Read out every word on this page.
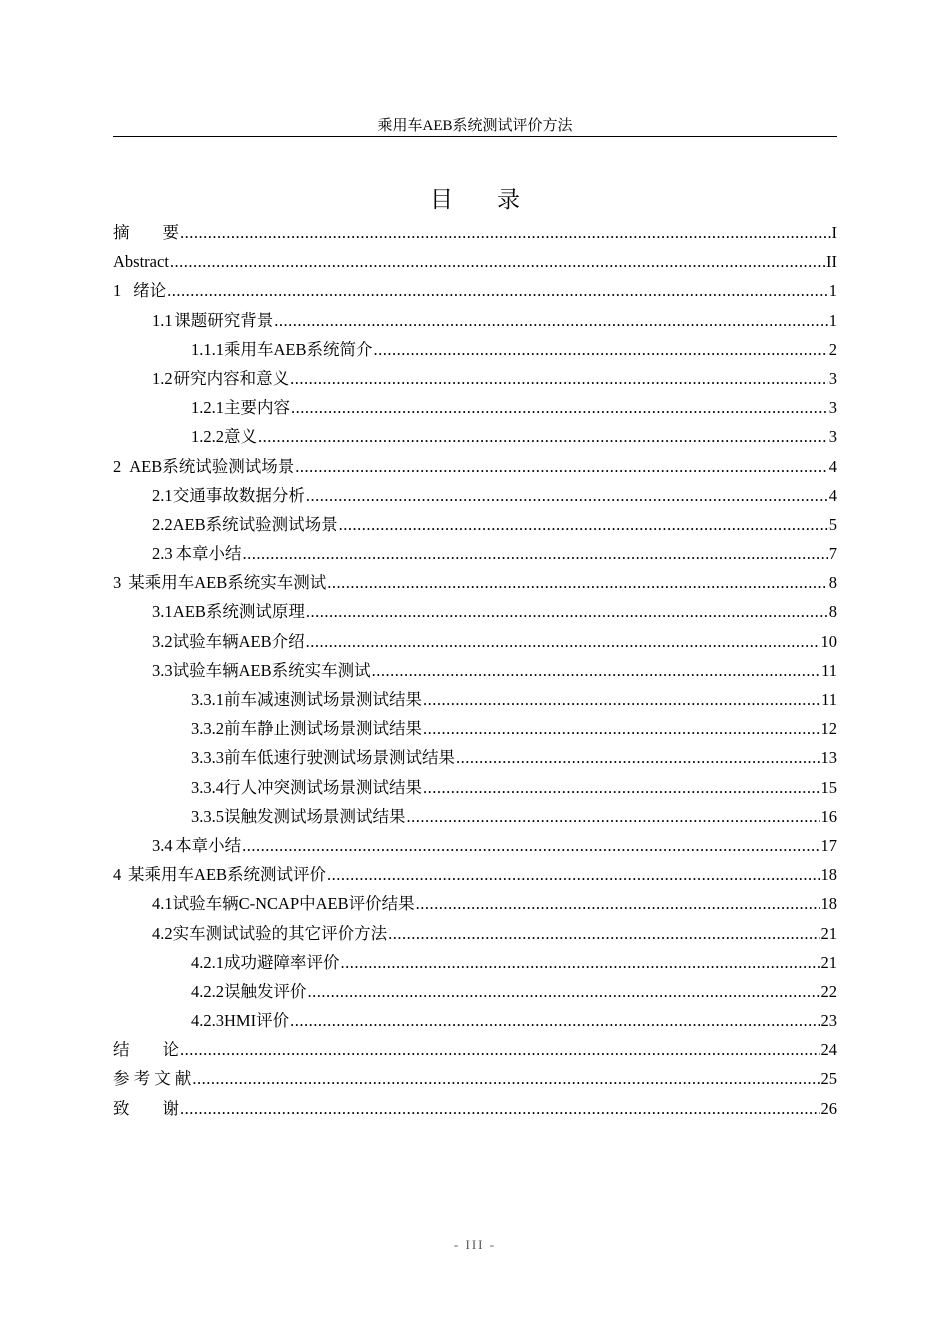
乘用车AEB系统测试评价方法
目 录
摘　　要 .....	I
Abstract .....	II
1 绪论 .....	1
1.1 课题研究背景 .....	1
1.1.1 乘用车AEB系统简介 .....	2
1.2 研究内容和意义 .....	3
1.2.1 主要内容 .....	3
1.2.2 意义 .....	3
2 AEB系统试验测试场景 .....	4
2.1 交通事故数据分析 .....	4
2.2 AEB系统试验测试场景 .....	5
2.3 本章小结 .....	7
3 某乘用车AEB系统实车测试 .....	8
3.1 AEB系统测试原理 .....	8
3.2 试验车辆AEB介绍 .....	10
3.3 试验车辆AEB系统实车测试 .....	11
3.3.1 前车减速测试场景测试结果 .....	11
3.3.2 前车静止测试场景测试结果 .....	12
3.3.3 前车低速行驶测试场景测试结果 .....	13
3.3.4 行人冲突测试场景测试结果 .....	15
3.3.5 误触发测试场景测试结果 .....	16
3.4 本章小结 .....	17
4 某乘用车AEB系统测试评价 .....	18
4.1 试验车辆C-NCAP中AEB评价结果 .....	18
4.2 实车测试试验的其它评价方法 .....	21
4.2.1 成功避障率评价 .....	21
4.2.2 误触发评价 .....	22
4.2.3 HMI评价 .....	23
结　　论 .....	24
参 考 文 献 .....	25
致　　谢 .....	26
- III -
